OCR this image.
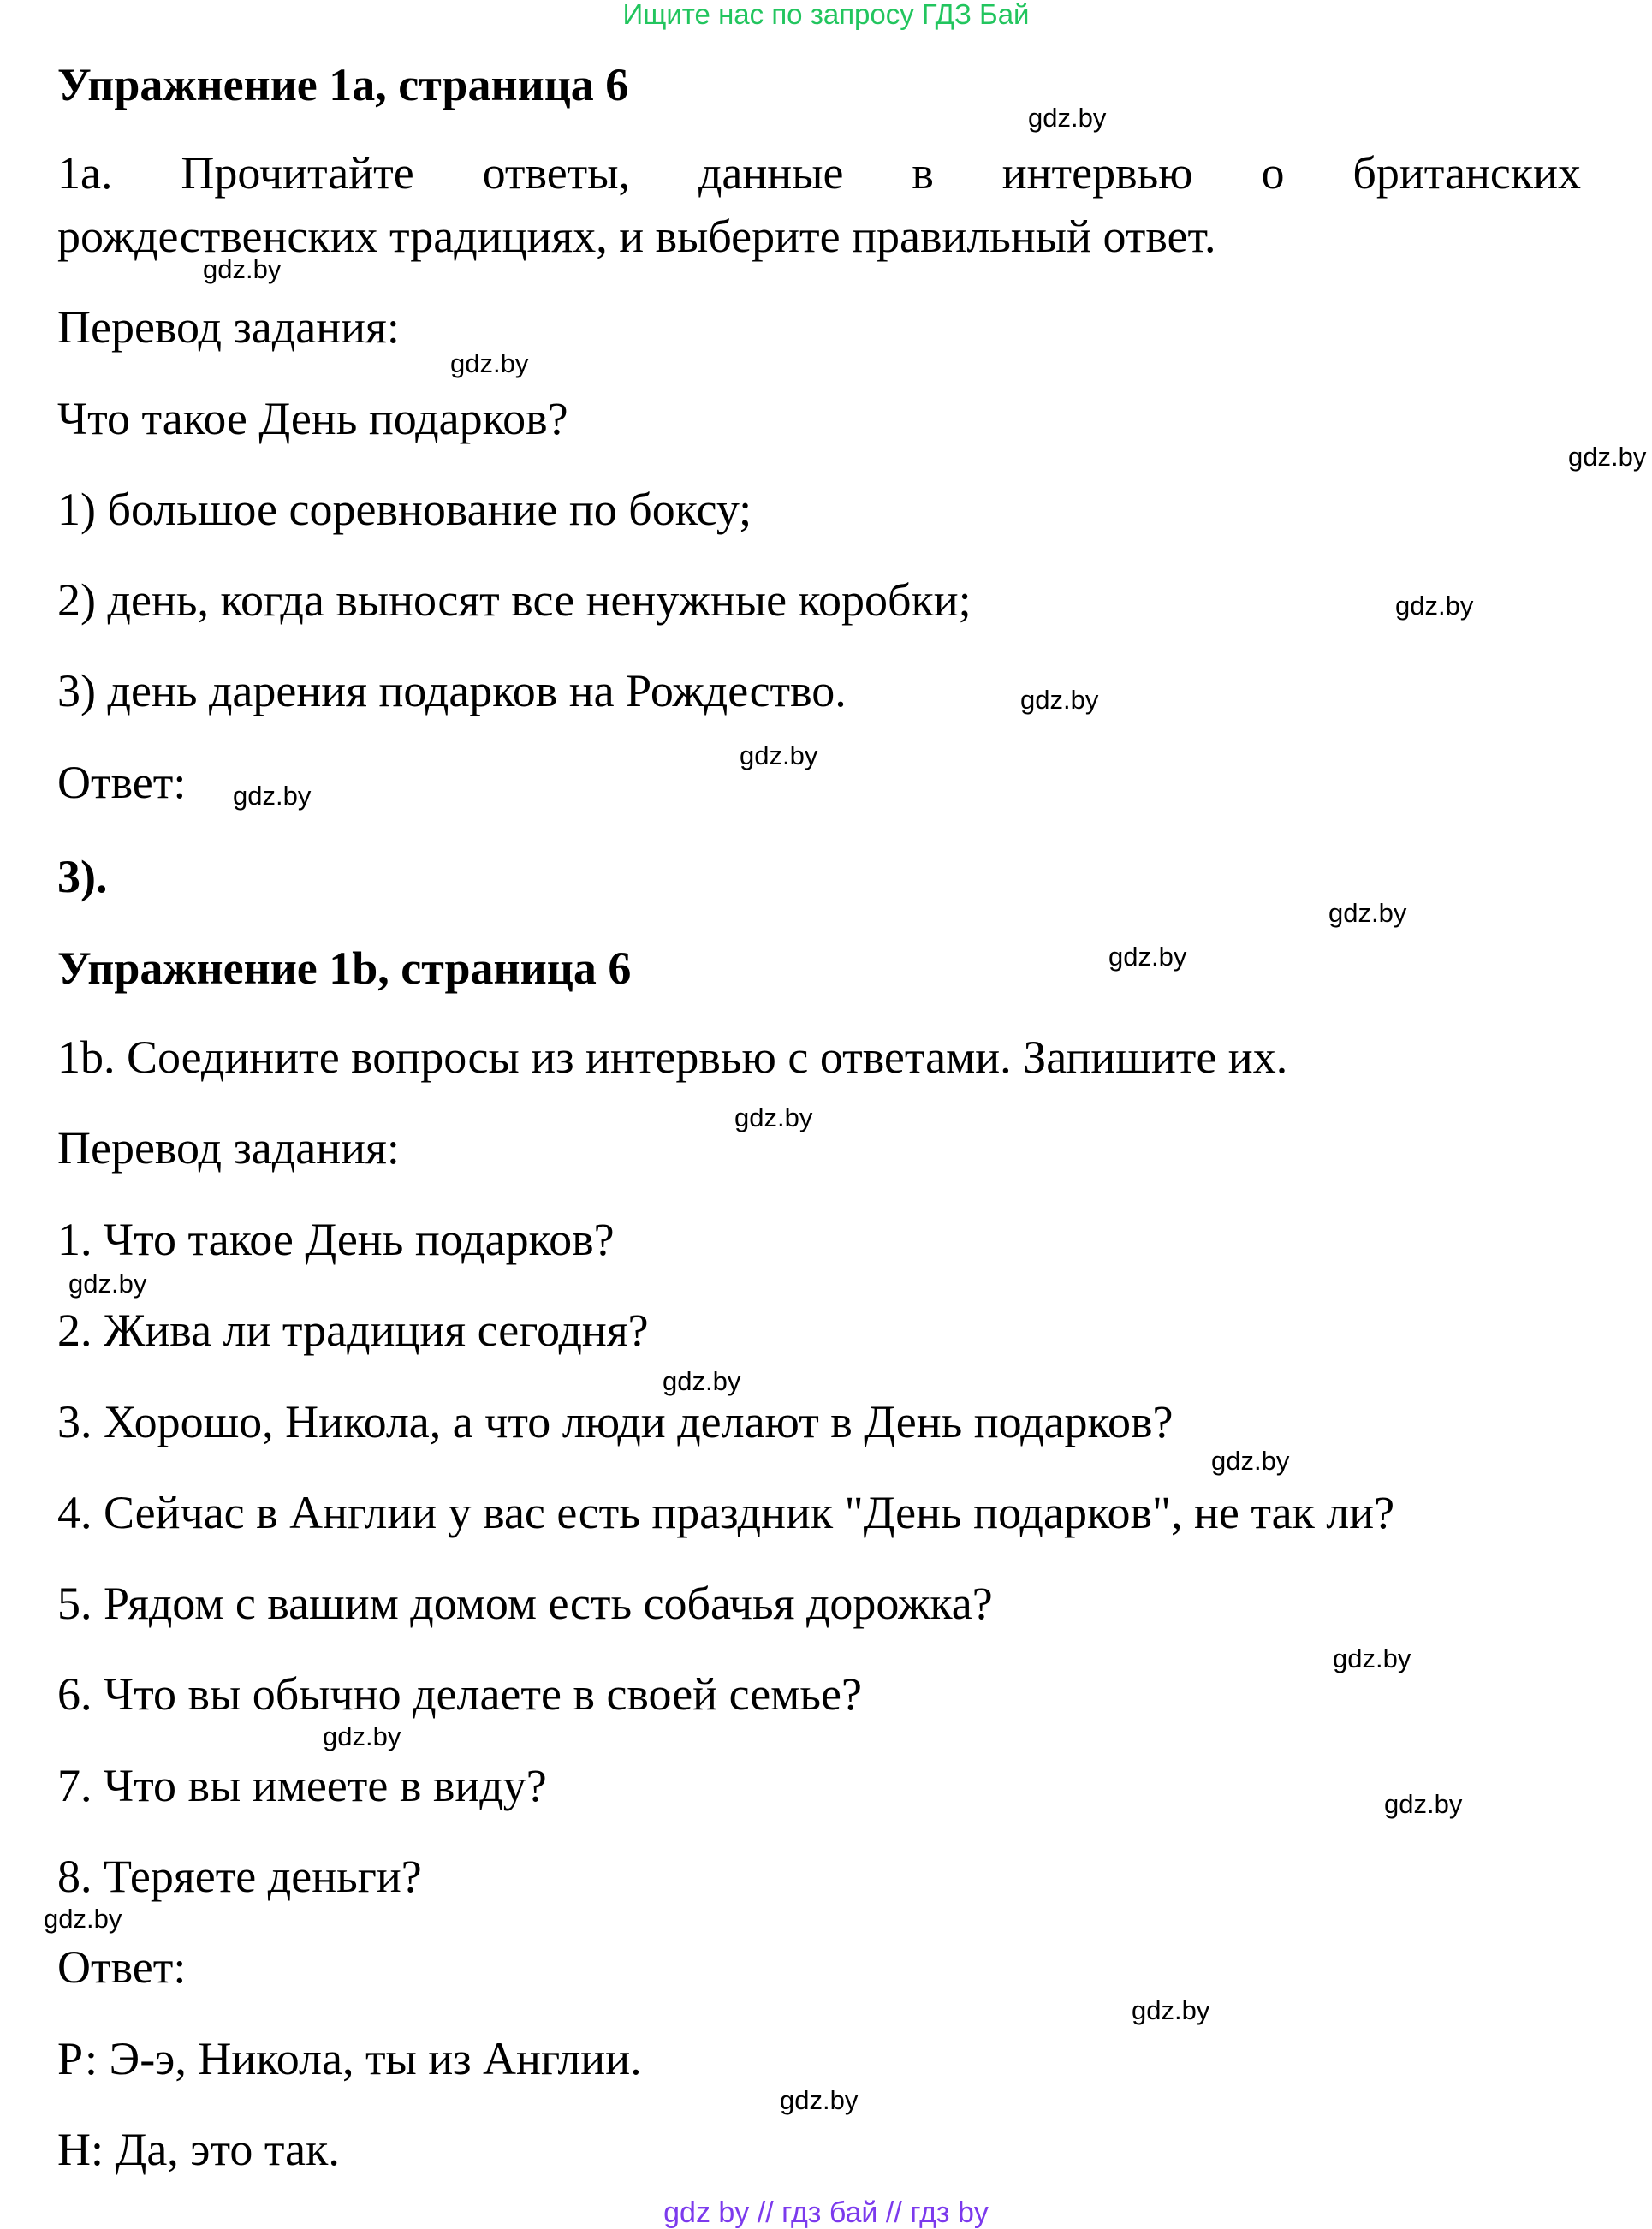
Ищите нас по запросу ГДЗ Бай
Упражнение 1a, страница 6
1a. Прочитайте ответы, данные в интервью о британских
рождественских традициях, и выберите правильный ответ.
Перевод задания:
Что такое День подарков?
1) большое соревнование по боксу;
2) день, когда выносят все ненужные коробки;
3) день дарения подарков на Рождество.
Ответ:
3).
Упражнение 1b, страница 6
1b. Соедините вопросы из интервью с ответами. Запишите их.
Перевод задания:
1. Что такое День подарков?
2. Жива ли традиция сегодня?
3. Хорошо, Никола, а что люди делают в День подарков?
4. Сейчас в Англии у вас есть праздник "День подарков", не так ли?
5. Рядом с вашим домом есть собачья дорожка?
6. Что вы обычно делаете в своей семье?
7. Что вы имеете в виду?
8. Теряете деньги?
Ответ:
Р: Э-э, Никола, ты из Англии.
Н: Да, это так.
gdz.by
gdz.by
gdz.by
gdz.by
gdz.by
gdz.by
gdz.by
gdz.by
gdz.by
gdz.by
gdz.by
gdz.by
gdz.by
gdz.by
gdz.by
gdz.by
gdz.by
gdz.by
gdz.by
gdz.by
gdz by // гдз бай // гдз by
